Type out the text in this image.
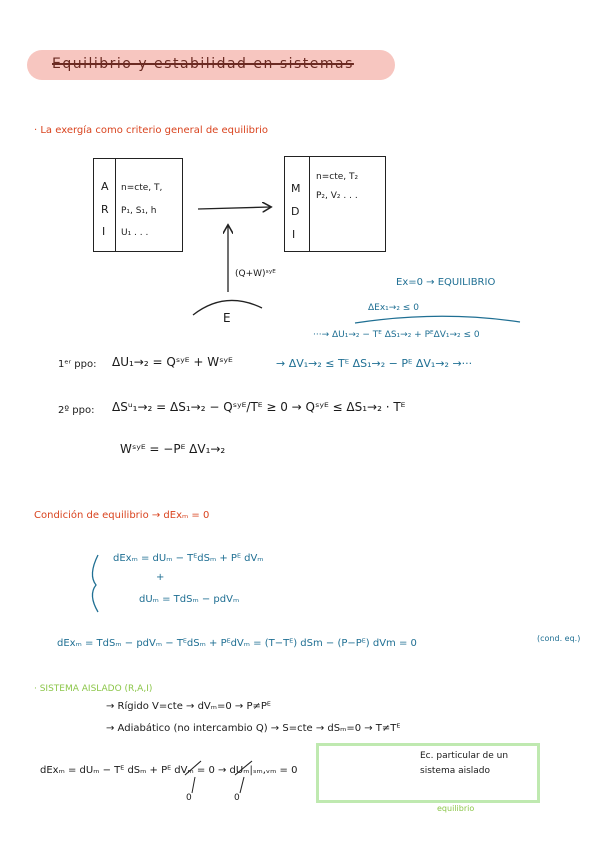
Equilibrio y estabilidad en sistemas
· La exergía como criterio general de equilibrio
A
R
I
n=cte, T,
P₁, S₁, h
U₁ . . .
M
D
I
n=cte, T₂
P₂, V₂ . . .
(Q+W)ˢʸᴱ
E
Ex=0 → EQUILIBRIO
ΔEx₁→₂ ≤ 0
···→ ΔU₁→₂ − Tᴱ ΔS₁→₂ + PᴱΔV₁→₂ ≤ 0
1ᵉʳ ppo: ΔU₁→₂ = Qˢʸᴱ + Wˢʸᴱ	→ ΔV₁→₂ ≤ Tᴱ ΔS₁→₂ − Pᴱ ΔV₁→₂ →···
2º ppo: ΔSᵘ₁→₂ = ΔS₁→₂ − Qˢʸᴱ/Tᴱ ≥ 0 → Qˢʸᴱ ≤ ΔS₁→₂ · Tᴱ
Wˢʸᴱ = −Pᴱ ΔV₁→₂
Condición de equilibrio → dExₘ = 0
dExₘ = dUₘ − TᴱdSₘ + Pᴱ dVₘ
+
dUₘ = TdSₘ − pdVₘ
dExₘ = TdSₘ − pdVₘ − TᴱdSₘ + PᴱdVₘ = (T−Tᴱ) dSm − (P−Pᴱ) dVm = 0	(cond. eq.)
· SISTEMA AISLADO (R,A,I)
→ Rígido V=cte → dVₘ=0 → P≠Pᴱ
→ Adiabático (no intercambio Q) → S=cte → dSₘ=0 → T≠Tᴱ
dExₘ = dUₘ − Tᴱ dSₘ + Pᴱ dVₘ = 0 → dUₘ|ₛₘ,ᵥₘ = 0
0	0
Ec. particular de un
sistema aislado
equilibrio
